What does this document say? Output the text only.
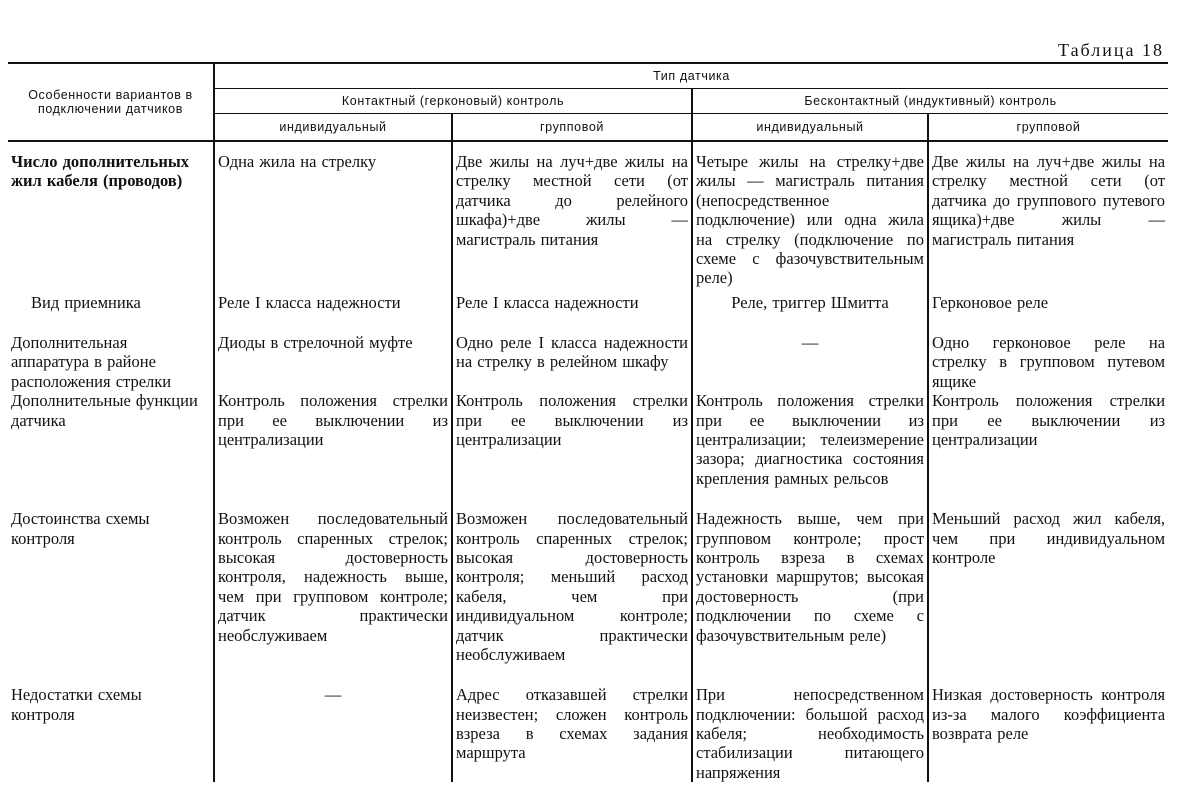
Таблица 18
Особенности вариантов в подключении датчиков	Тип датчика			
	Контактный (герконовый) контроль		Бесконтактный (индуктивный) контроль	
	индивидуальный	групповой	индивидуальный	групповой
Число дополнительных жил кабеля (проводов)	Одна жила на стрелку	Две жилы на луч+две жилы на стрелку местной сети (от датчика до релейного шкафа)+две жилы — магистраль питания	Четыре жилы на стрелку+две жилы — магистраль питания (непосредственное подключение) или одна жила на стрелку (подключение по схеме с фазочувствительным реле)	Две жилы на луч+две жилы на стрелку местной сети (от датчика до группового путевого ящика)+две жилы — магистраль питания

Вид приемника	Реле I класса надежности	Реле I класса надежности	Реле, триггер Шмитта	Герконовое реле

Дополнительная аппаратура в районе расположения стрелки	Диоды в стрелочной муфте	Одно реле I класса надежности на стрелку в релейном шкафу	—	Одно герконовое реле на стрелку в групповом путевом ящике
Дополнительные функции датчика	Контроль положения стрелки при ее выключении из централизации	Контроль положения стрелки при ее выключении из централизации	Контроль положения стрелки при ее выключении из централизации; телеизмерение зазора; диагностика состояния крепления рамных рельсов	Контроль положения стрелки при ее выключении из централизации
Достоинства схемы контроля	Возможен последовательный контроль спаренных стрелок; высокая достоверность контроля, надежность выше, чем при групповом контроле; датчик практически необслуживаем	Возможен последовательный контроль спаренных стрелок; высокая достоверность контроля; меньший расход кабеля, чем при индивидуальном контроле; датчик практически необслуживаем	Надежность выше, чем при групповом контроле; прост контроль взреза в схемах установки маршрутов; высокая достоверность (при подключении по схеме с фазочувствительным реле)	Меньший расход жил кабеля, чем при индивидуальном контроле
Недостатки схемы контроля	—	Адрес отказавшей стрелки неизвестен; сложен контроль взреза в схемах задания маршрута	При непосредственном подключении: большой расход кабеля; необходимость стабилизации питающего напряжения	Низкая достоверность контроля из-за малого коэффициента возврата реле
